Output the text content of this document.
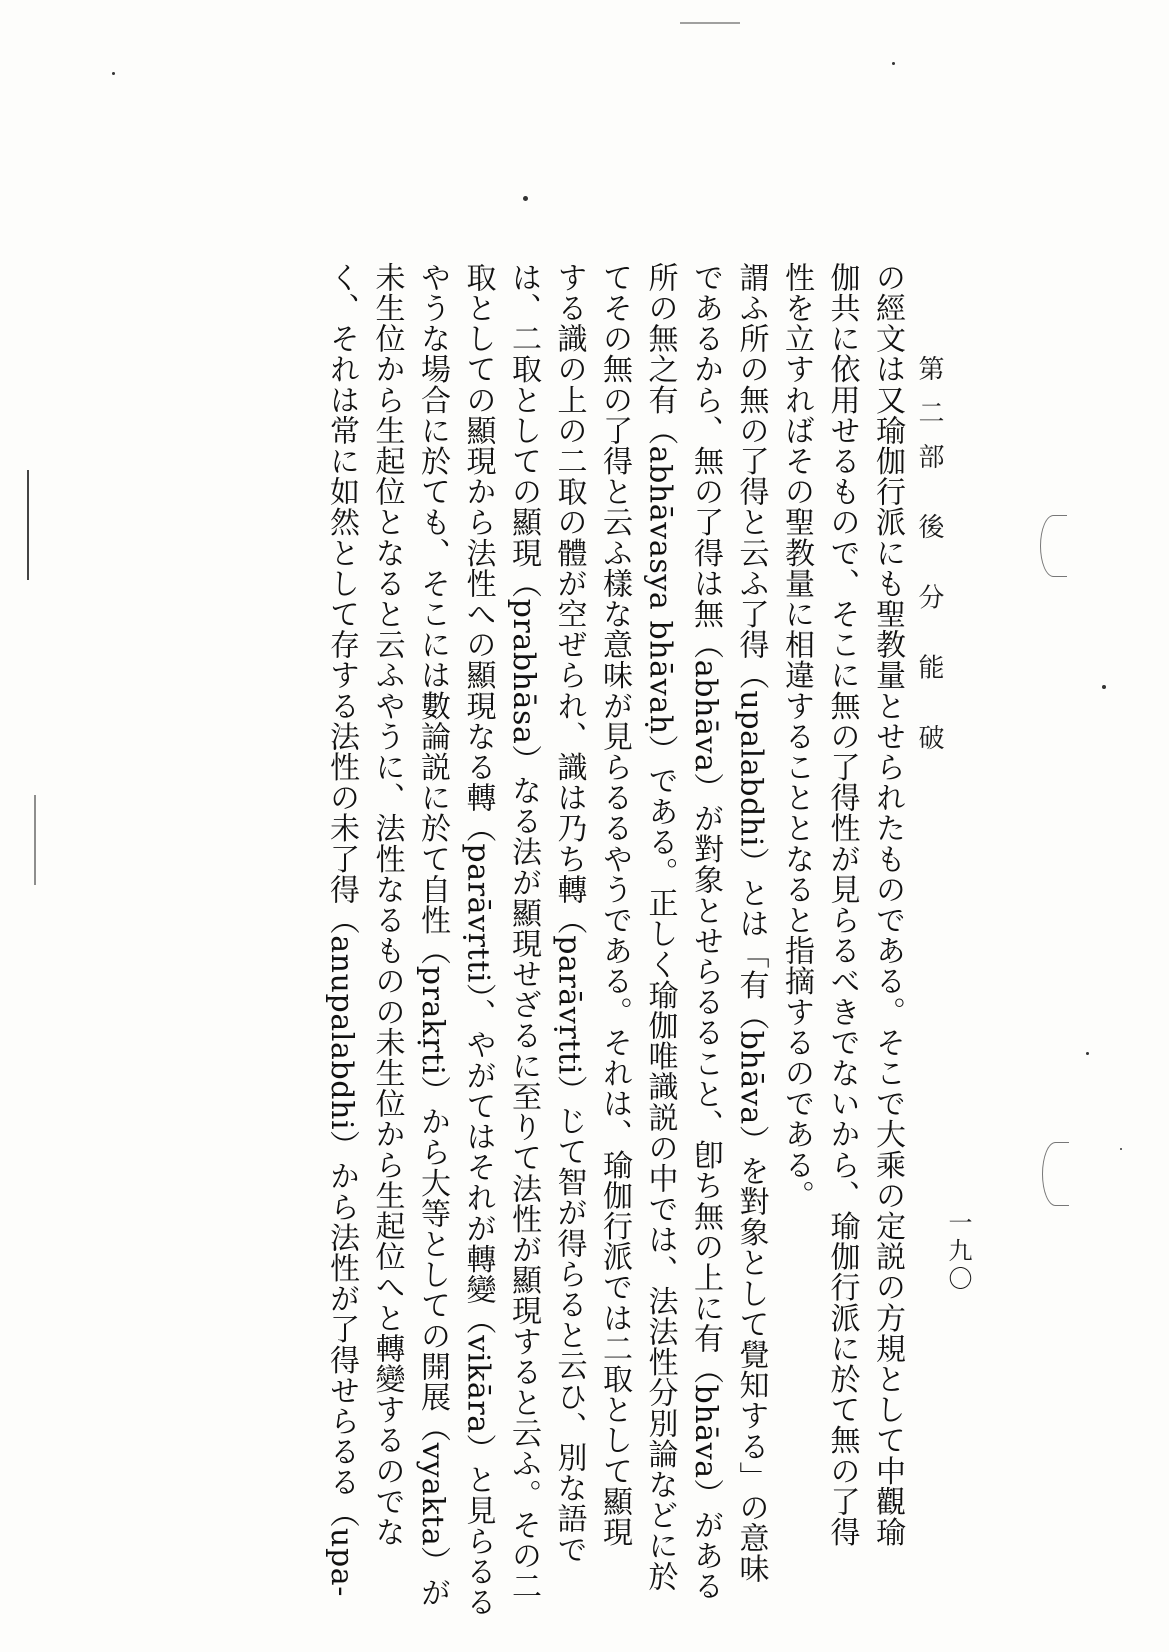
第二部 後 分 能 破
一九〇
の經文は又瑜伽行派にも聖教量とせられたものである。そこで大乘の定説の方規として中觀瑜
伽共に依用せるもので、そこに無の了得性が見らるべきでないから、瑜伽行派に於て無の了得
性を立すればその聖教量に相違することとなると指摘するのである。
謂ふ所の無の了得と云ふ了得（upalabdhi）とは「有（bhāva）を對象として覺知する」の意味
であるから、無の了得は無（abhāva）が對象とせらるること、卽ち無の上に有（bhāva）がある
所の無之有（abhāvasya bhāvaḥ）である。正しく瑜伽唯識説の中では、法法性分別論などに於
てその無の了得と云ふ樣な意味が見らるるやうである。それは、瑜伽行派では二取として顯現
する識の上の二取の體が空ぜられ、識は乃ち轉（parāvṛtti）じて智が得らると云ひ、別な語で
は、二取としての顯現（prabhāsa）なる法が顯現せざるに至りて法性が顯現すると云ふ。その二
取としての顯現から法性への顯現なる轉（parāvṛtti）、やがてはそれが轉變（vikāra）と見らるる
やうな場合に於ても、そこには數論説に於て自性（prakṛti）から大等としての開展（vyakta）が
未生位から生起位となると云ふやうに、法性なるものの未生位から生起位へと轉變するのでな
く、それは常に如然として存する法性の未了得（anupalabdhi）から法性が了得せらるる（upa-
